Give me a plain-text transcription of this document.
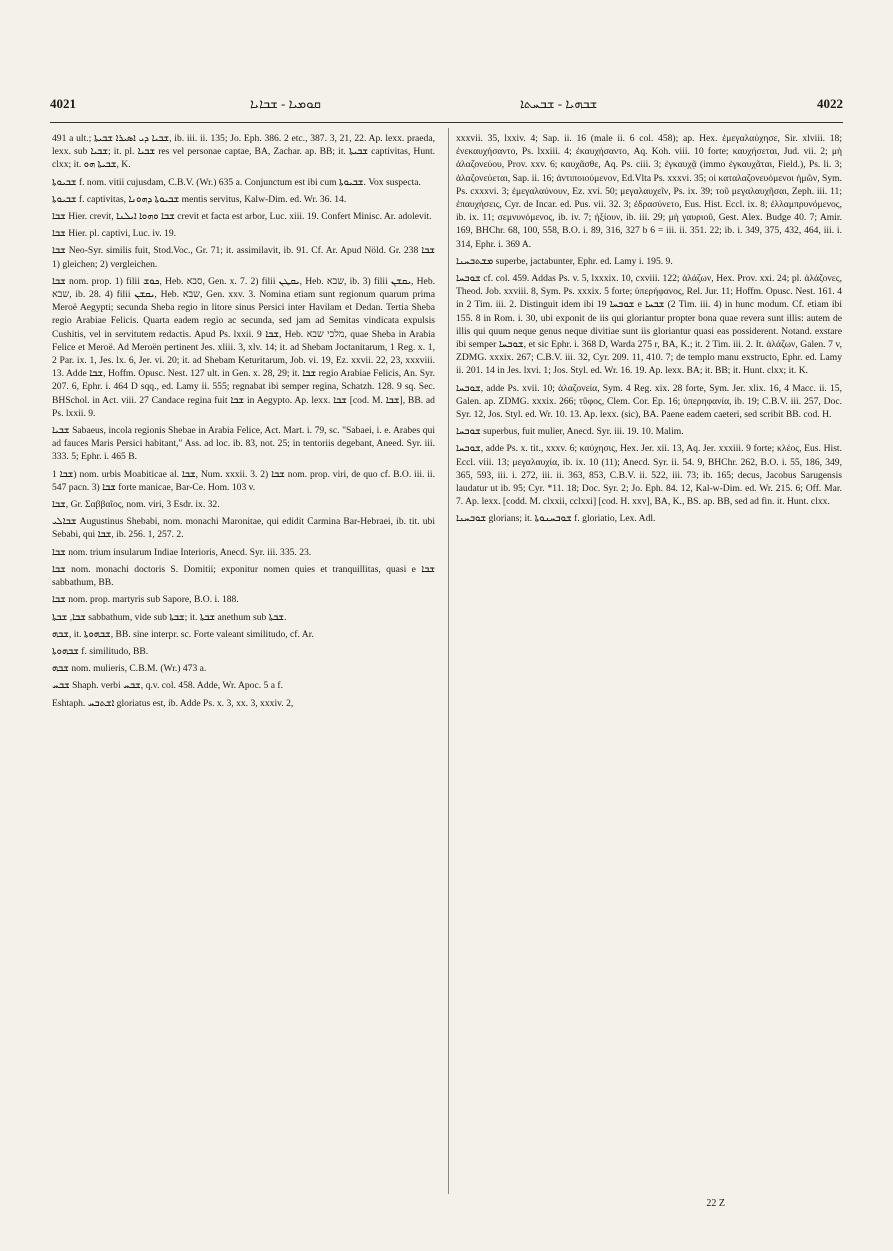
4021	ܩܘܡܝܐ - ܫܒܐܝܐ	ܫܒܗܝܐ - ܫܒܚܬܐ	4022

491 a ult.; ܫܒܝܐ ܕܝ ܐܣܝܪܐ ܫܒܝܬܐ, ib. iii. ii. 135; Jo. Eph. 386. 2 etc., 387. 3, 21, 22. Ap. lexx. praeda, lexx. sub ܫܒܝܐ; it. pl. ܫܒܝܐ res vel personae captae, BA, Zachar. ap. BB; it. ܫܒܝܬܐ captivitas, Hunt. clxx; it. ܫܒܝܬܐ ܗܘ, K.

ܫܒܝܘܬܐ f. nom. vitii cujusdam, C.B.V. (Wr.) 635 a. Conjunctum est ibi cum ܫܒܝܘܬܐ. Vox suspecta.

ܫܒܝܘܬܐ f. captivitas, ܫܒܝܘܬܐ ܕܗܘܢܐ mentis servitus, Kalw-Dim. ed. Wr. 36. 14.

ܫܒܐ Hier. crevit, ܫܒܐ ܘܗܘܐ ܐܝܠܢܐ crevit et facta est arbor, Luc. xiii. 19. Confert Minisc. Ar. adolevit.

ܫܒܐ Hier. pl. captivi, Luc. iv. 19.

ܫܒܐ Neo-Syr. similis fuit, Stod.Voc., Gr. 71; it. assimilavit, ib. 91. Cf. Ar. Apud Nöld. Gr. 238 ܫܒܐ 1) gleichen; 2) vergleichen.

ܫܒܐ nom. prop. 1) filii ܟܘܫ, Heb. סבא, Gen. x. 7. 2) filii ܝܩܛܢ, Heb. שבא, ib. 3) filii ܝܩܫܢ, Heb. שבא, ib. 28. 4) filii ܝܩܫܢ, Heb. שבא, Gen. xxv. 3. Nomina etiam sunt regionum quarum prima Meroë Aegypti; secunda Sheba regio in litore sinus Persici inter Havilam et Dedan. Tertia Sheba regio Arabiae Felicis. Quarta eadem regio ac secunda, sed jam ad Semitas vindicata expulsis Cushitis, vel in servitutem redactis. Apud Ps. lxxii. 9 ܫܒܐ, Heb. מלכי שבא, quae Sheba in Arabia Felice et Meroë. Ad Meroën pertinent Jes. xliii. 3, xlv. 14; it. ad Shebam Joctanitarum, 1 Reg. x. 1, 2 Par. ix. 1, Jes. lx. 6, Jer. vi. 20; it. ad Shebam Keturitarum, Job. vi. 19, Ez. xxvii. 22, 23, xxxviii. 13. Adde ܫܒܐ, Hoffm. Opusc. Nest. 127 ult. in Gen. x. 28, 29; it. ܫܒܐ regio Arabiae Felicis, An. Syr. 207. 6, Ephr. i. 464 D sqq., ed. Lamy ii. 555; regnabat ibi semper regina, Schatzh. 128. 9 sq. Sec. BHSchol. in Act. viii. 27 Candace regina fuit ܫܒܐ in Aegypto. Ap. lexx. ܫܒܐ [cod. M. ܫܒܐ], BB. ad Ps. lxxii. 9.

ܫܒܝܐ Sabaeus, incola regionis Shebae in Arabia Felice, Act. Mart. i. 79, sc. "Sabaei, i. e. Arabes qui ad fauces Maris Persici habitant," Ass. ad loc. ib. 83, not. 25; in tentoriis degebant, Aneed. Syr. iii. 333. 5; Ephr. i. 465 B.

ܫܒܐ 1) nom. urbis Moabiticae al. ܫܒܐ, Num. xxxii. 3. 2) ܫܒܐ nom. prop. viri, de quo cf. B.O. iii. ii. 547 pacn. 3) ܫܒܐ forte manicae, Bar-Ce. Hom. 103 v.

ܫܒܐ, Gr. Σαββαῖος, nom. viri, 3 Esdr. ix. 32.

ܫܒܐܠܝ Augustinus Shebabi, nom. monachi Maronitae, qui edidit Carmina Bar-Hebraei, ib. tit. ubi Sebabi, qui ܫܒܐ, ib. 256. 1, 257. 2.

ܫܒܐ nom. trium insularum Indiae Interioris, Anecd. Syr. iii. 335. 23.

ܫܒܐ nom. monachi doctoris S. Domitii; exponitur nomen quies et tranquillitas, quasi e ܫܒܐ sabbathum, BB.

ܫܒܐ nom. prop. martyris sub Sapore, B.O. i. 188.

ܫܒܐ, ܫܒܬܐ sabbathum, vide sub ܫܒܬܐ; it. ܫܒܬܐ anethum sub ܫܒܬܐ.

ܫܒܗ, it. ܫܒܗܘܬܐ, BB. sine interpr. sc. Forte valeant similitudo, cf. Ar.

ܫܒܗܘܬܐ f. similitudo, BB.

ܫܒܗ nom. mulieris, C.B.M. (Wr.) 473 a.

ܫܒܚ Shaph. verbi ܫܒܚ, q.v. col. 458. Adde, Wr. Apoc. 5 a f.

Eshtaph. ܐܫܬܒܚ gloriatus est, ib. Adde Ps. x. 3, xx. 3, xxxiv. 2,

xxxvii. 35, lxxiv. 4; Sap. ii. 16 (male ii. 6 col. 458); ap. Hex. ἐμεγαλαύχησε, Sir. xlviii. 18; ἐνεκαυχήσαντο, Ps. lxxiii. 4; ἐκαυχήσαντο, Aq. Koh. viii. 10 forte; καυχήσεται, Jud. vii. 2; μὴ ἀλαζονεύου, Prov. xxv. 6; καυχᾶσθε, Aq. Ps. ciii. 3; ἐγκαυχᾷ (immo ἐγκαυχᾶται, Field.), Ps. li. 3; ἀλαζονεύεται, Sap. ii. 16; ἀντιποιούμενον, Ed.Vlta Ps. xxxvi. 35; οἱ καταλαζονευόμενοι ἡμῶν, Sym. Ps. cxxxvi. 3; ἐμεγαλαύνουν, Ez. xvi. 50; μεγαλαυχεῖν, Ps. ix. 39; τοῦ μεγαλαυχῆσαι, Zeph. iii. 11; ἐπαυχήσεις, Cyr. de Incar. ed. Pus. vii. 32. 3; ἐδρασύνετο, Eus. Hist. Eccl. ix. 8; ἐλλαμπρυνόμενος, ib. ix. 11; σεμνυνόμενος, ib. iv. 7; ἠξίουν, ib. iii. 29; μὴ γαυριοῦ, Gest. Alex. Budge 40. 7; Amir. 169, BHChr. 68, 100, 558, B.O. i. 89, 316, 327 b 6 = iii. ii. 351. 22; ib. i. 349, 375, 432, 464, iii. i. 314, Ephr. i. 369 A.

ܡܫܬܒܚܢܐ superbe, jactabunter, Ephr. ed. Lamy i. 195. 9.

ܫܘܒܚܐ cf. col. 459. Addas Ps. v. 5, lxxxix. 10, cxviii. 122; ἀλάζων, Hex. Prov. xxi. 24; pl. ἀλάζονες, Theod. Job. xxviii. 8, Sym. Ps. xxxix. 5 forte; ὑπερήφανος, Rel. Jur. 11; Hoffm. Opusc. Nest. 161. 4 in 2 Tim. iii. 2. Distinguit idem ibi 19 ܫܘܒܚܐ e ܫܒܚܐ (2 Tim. iii. 4) in hunc modum. Cf. etiam ibi 155. 8 in Rom. i. 30, ubi exponit de iis qui gloriantur propter bona quae revera sunt illis: autem de illis qui quum neque genus neque divitiae sunt iis gloriantur quasi eas possiderent. Notand. exstare ibi semper ܫܘܒܚܐ, et sic Ephr. i. 368 D, Warda 275 r, BA, K.; it. 2 Tim. iii. 2. It. ἀλάζων, Galen. 7 v, ZDMG. xxxix. 267; C.B.V. iii. 32, Cyr. 209. 11, 410. 7; de templo manu exstructo, Ephr. ed. Lamy ii. 201. 14 in Jes. lxvi. 1; Jos. Styl. ed. Wr. 16. 19. Ap. lexx. BA; it. BB; it. Hunt. clxx; it. K.

ܫܘܒܚܐ, adde Ps. xvii. 10; ἀλαζονεία, Sym. 4 Reg. xix. 28 forte, Sym. Jer. xlix. 16, 4 Macc. ii. 15, Galen. ap. ZDMG. xxxix. 266; τῦφος, Clem. Cor. Ep. 16; ὑπερηφανία, ib. 19; C.B.V. iii. 257, Doc. Syr. 12, Jos. Styl. ed. Wr. 10. 13. Ap. lexx. (sic), BA. Paene eadem caeteri, sed scribit BB. cod. H.

ܫܘܒܚܐ superbus, fuit mulier, Anecd. Syr. iii. 19. 10. Malim.

ܫܘܒܚܐ, adde Ps. x. tit., xxxv. 6; καύχησις, Hex. Jer. xii. 13, Aq. Jer. xxxiii. 9 forte; κλέος, Eus. Hist. Eccl. viii. 13; μεγαλαυχία, ib. ix. 10 (11); Anecd. Syr. ii. 54. 9, BHChr. 262, B.O. i. 55, 186, 349, 365, 593, iii. i. 272, iii. ii. 363, 853, C.B.V. ii. 522, iii. 73; ib. 165; decus, Jacobus Sarugensis laudatur ut ib. 95; Cyr. *11. 18; Doc. Syr. 2; Jo. Eph. 84. 12, Kal-w-Dim. ed. Wr. 215. 6; Off. Mar. 7. Ap. lexx. [codd. M. clxxii, cclxxi] [cod. H. xxv], BA, K., BS. ap. BB, sed ad fin. it. Hunt. clxx.

ܫܘܒܚܢܐ glorians; it. ܫܘܒܚܢܘܬܐ f. gloriatio, Lex. Adl.

22 Z
